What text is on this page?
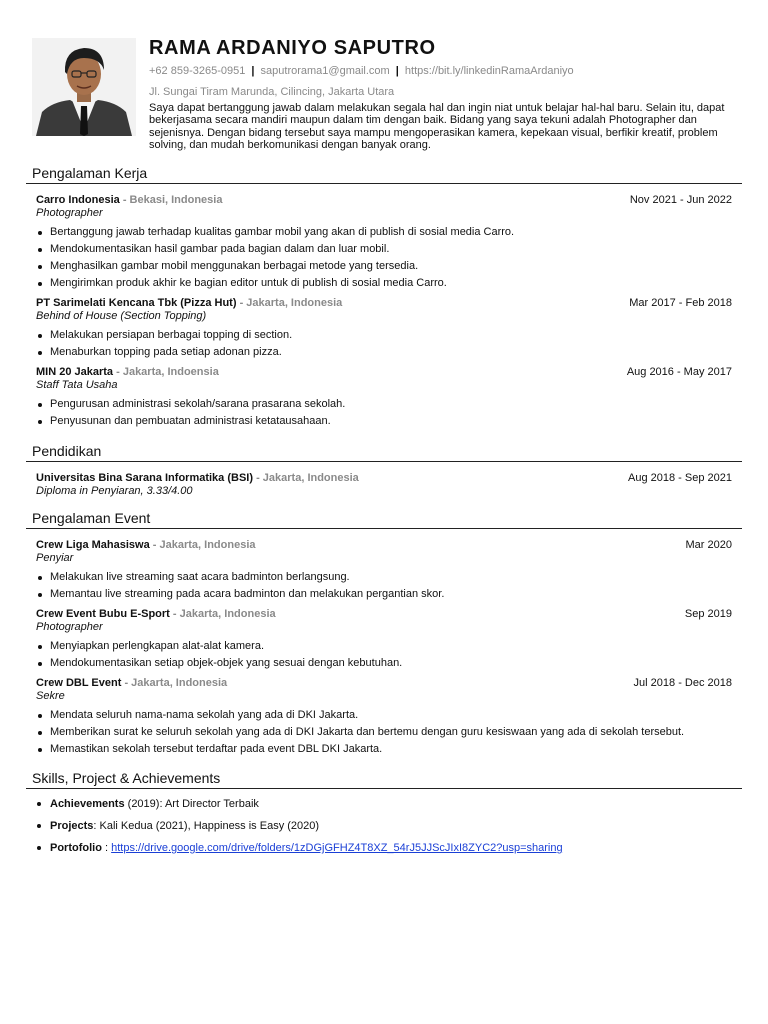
RAMA ARDANIYO SAPUTRO
+62 859-3265-0951 | saputrorama1@gmail.com | https://bit.ly/linkedinRamaArdaniyo
Jl. Sungai Tiram Marunda, Cilincing, Jakarta Utara
Saya dapat bertanggung jawab dalam melakukan segala hal dan ingin niat untuk belajar hal-hal baru. Selain itu, dapat bekerjasama secara mandiri maupun dalam tim dengan baik. Bidang yang saya tekuni adalah Photographer dan sejenisnya. Dengan bidang tersebut saya mampu mengoperasikan kamera, kepekaan visual, berfikir kreatif, problem solving, dan mudah berkomunikasi dengan banyak orang.
Pengalaman Kerja
Carro Indonesia - Bekasi, Indonesia	Nov 2021 - Jun 2022
Photographer
Bertanggung jawab terhadap kualitas gambar mobil yang akan di publish di sosial media Carro.
Mendokumentasikan hasil gambar pada bagian dalam dan luar mobil.
Menghasilkan gambar mobil menggunakan berbagai metode yang tersedia.
Mengirimkan produk akhir ke bagian editor untuk di publish di sosial media Carro.
PT Sarimelati Kencana Tbk (Pizza Hut) - Jakarta, Indonesia	Mar 2017 - Feb 2018
Behind of House (Section Topping)
Melakukan persiapan berbagai topping di section.
Menaburkan topping pada setiap adonan pizza.
MIN 20 Jakarta - Jakarta, Indoensia	Aug 2016 - May 2017
Staff Tata Usaha
Pengurusan administrasi sekolah/sarana prasarana sekolah.
Penyusunan dan pembuatan administrasi ketatausahaan.
Pendidikan
Universitas Bina Sarana Informatika (BSI) - Jakarta, Indonesia	Aug 2018 - Sep 2021
Diploma in Penyiaran, 3.33/4.00
Pengalaman Event
Crew Liga Mahasiswa - Jakarta, Indonesia	Mar 2020
Penyiar
Melakukan live streaming saat acara badminton berlangsung.
Memantau live streaming pada acara badminton dan melakukan pergantian skor.
Crew Event Bubu E-Sport - Jakarta, Indonesia	Sep 2019
Photographer
Menyiapkan perlengkapan alat-alat kamera.
Mendokumentasikan setiap objek-objek yang sesuai dengan kebutuhan.
Crew DBL Event - Jakarta, Indonesia	Jul 2018 - Dec 2018
Sekre
Mendata seluruh nama-nama sekolah yang ada di DKI Jakarta.
Memberikan surat ke seluruh sekolah yang ada di DKI Jakarta dan bertemu dengan guru kesiswaan yang ada di sekolah tersebut.
Memastikan sekolah tersebut terdaftar pada event DBL DKI Jakarta.
Skills, Project & Achievements
Achievements (2019): Art Director Terbaik
Projects: Kali Kedua (2021), Happiness is Easy (2020)
Portofolio : https://drive.google.com/drive/folders/1zDGjGFHZ4T8XZ_54rJ5JJScJIxI8ZYC2?usp=sharing
